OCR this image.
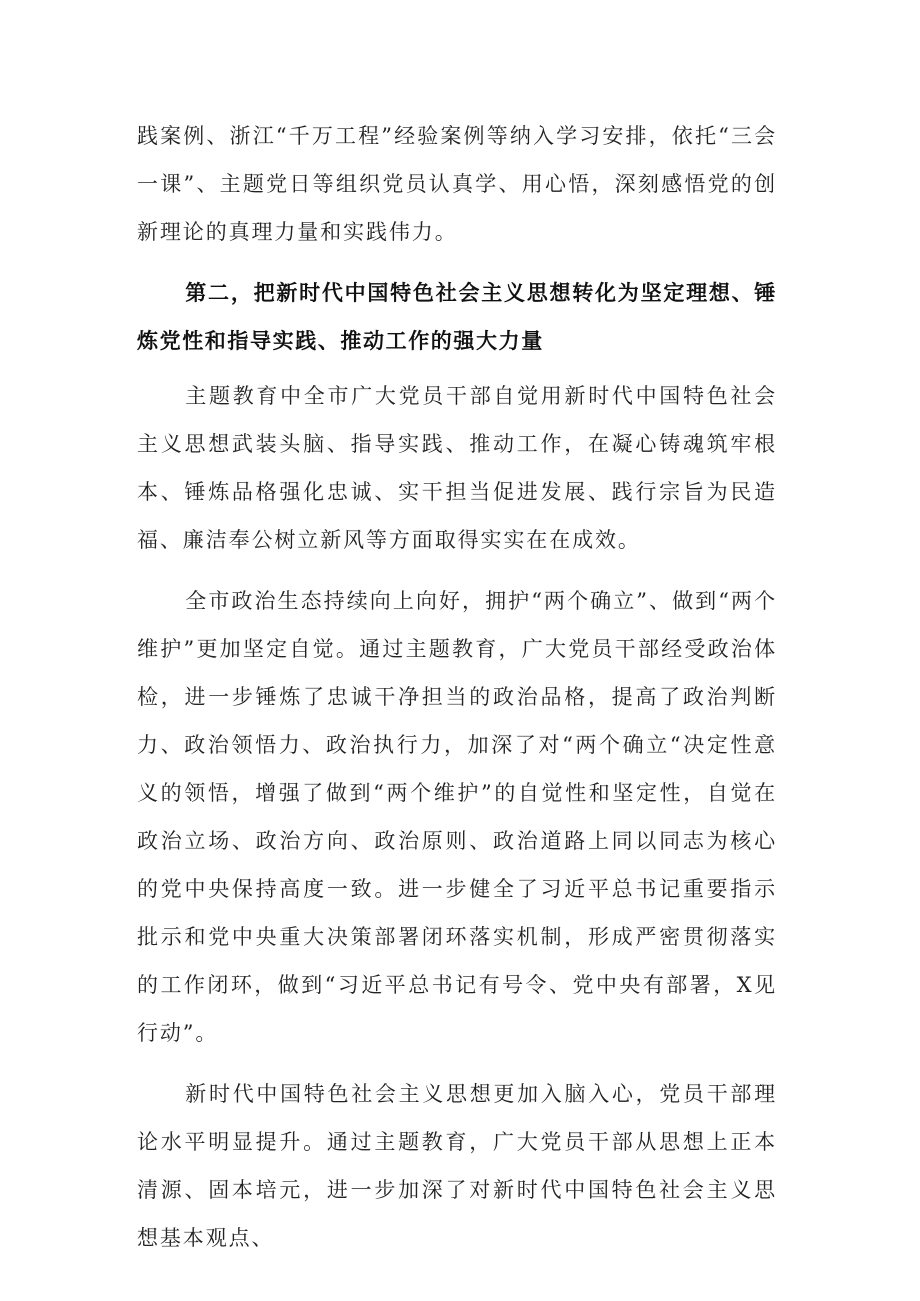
践案例、浙江“千万工程”经验案例等纳入学习安排，依托“三会一课”、主题党日等组织党员认真学、用心悟，深刻感悟党的创新理论的真理力量和实践伟力。

第二，把新时代中国特色社会主义思想转化为坚定理想、锤炼党性和指导实践、推动工作的强大力量

主题教育中全市广大党员干部自觉用新时代中国特色社会主义思想武装头脑、指导实践、推动工作，在凝心铸魂筑牢根本、锤炼品格强化忠诚、实干担当促进发展、践行宗旨为民造福、廉洁奉公树立新风等方面取得实实在在成效。

全市政治生态持续向上向好，拥护“两个确立”、做到“两个维护”更加坚定自觉。通过主题教育，广大党员干部经受政治体检，进一步锤炼了忠诚干净担当的政治品格，提高了政治判断力、政治领悟力、政治执行力，加深了对“两个确立“决定性意义的领悟，增强了做到“两个维护”的自觉性和坚定性，自觉在政治立场、政治方向、政治原则、政治道路上同以同志为核心的党中央保持高度一致。进一步健全了习近平总书记重要指示批示和党中央重大决策部署闭环落实机制，形成严密贯彻落实的工作闭环，做到“习近平总书记有号令、党中央有部署，X见行动”。

新时代中国特色社会主义思想更加入脑入心，党员干部理论水平明显提升。通过主题教育，广大党员干部从思想上正本清源、固本培元，进一步加深了对新时代中国特色社会主义思想基本观点、
